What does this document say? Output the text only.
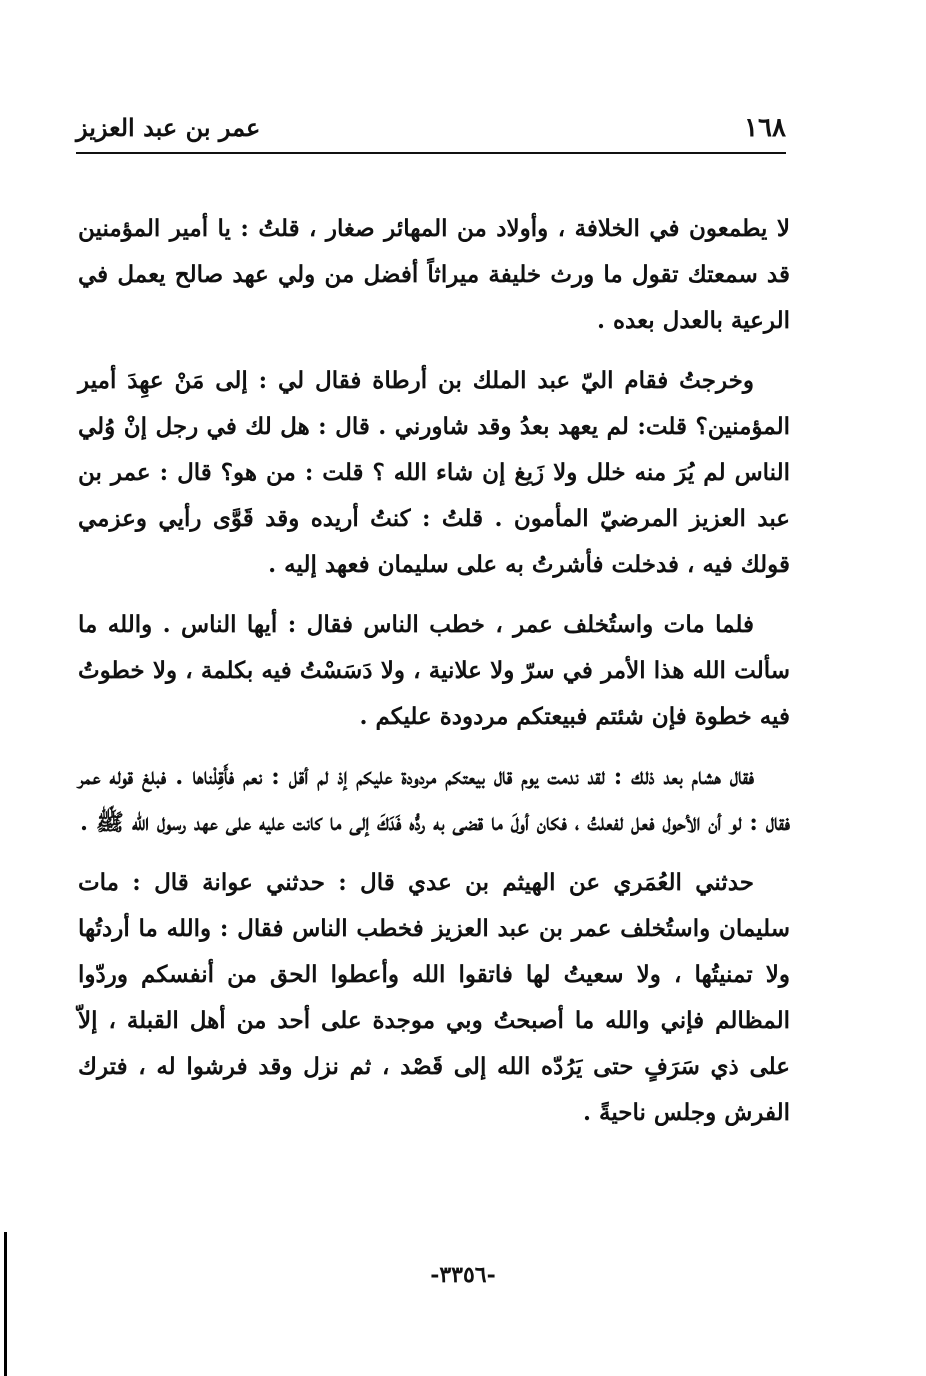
١٦٨
عمر بن عبد العزيز

لا يطمعون في الخلافة ، وأولاد من المهائر صغار ، قلتُ : يا أمير المؤمنين قد سمعتك تقول ما ورث خليفة ميراثاً أفضل من ولي عهد صالح يعمل في الرعية بالعدل بعده .

وخرجتُ فقام اليّ عبد الملك بن أرطاة فقال لي : إلى مَنْ عهِدَ أمير المؤمنين؟ قلت: لم يعهد بعدُ وقد شاورني . قال : هل لك في رجل إنْ وُلي الناس لم يُرَ منه خلل ولا زَيغ إن شاء الله ؟ قلت : من هو؟ قال : عمر بن عبد العزيز المرضيّ المأمون . قلتُ : كنتُ أريده وقد قَوَّى رأيي وعزمي قولك فيه ، فدخلت فأشرتُ به على سليمان فعهد إليه .

فلما مات واستُخلف عمر ، خطب الناس فقال : أيها الناس . والله ما سألت الله هذا الأمر في سرّ ولا علانية ، ولا دَسَسْتُ فيه بكلمة ، ولا خطوتُ فيه خطوة فإن شئتم فبيعتكم مردودة عليكم .

فقال هشام بعد ذلك : لقد ندمت يوم قال بيعتكم مردودة عليكم إذ لم أقل : نعم فأَقِلْناها . فبلغ قوله عمر فقال : لو أن الأحول فعل لفعلتُ ، فكان أولَ ما قضى به ردُّه فَدَكَ إلى ما كانت عليه على عهد رسول الله ﷺ .

حدثني العُمَري عن الهيثم بن عدي قال : حدثني عوانة قال : مات سليمان واستُخلف عمر بن عبد العزيز فخطب الناس فقال : والله ما أردتُها ولا تمنيتُها ، ولا سعيتُ لها فاتقوا الله وأعطوا الحق من أنفسكم وردّوا المظالم فإني والله ما أصبحتُ وبي موجدة على أحد من أهل القبلة ، إلاّ على ذي سَرَفٍ حتى يَرُدّه الله إلى قَصْد ، ثم نزل وقد فرشوا له ، فترك الفرش وجلس ناحيةً .

-٣٣٥٦-
